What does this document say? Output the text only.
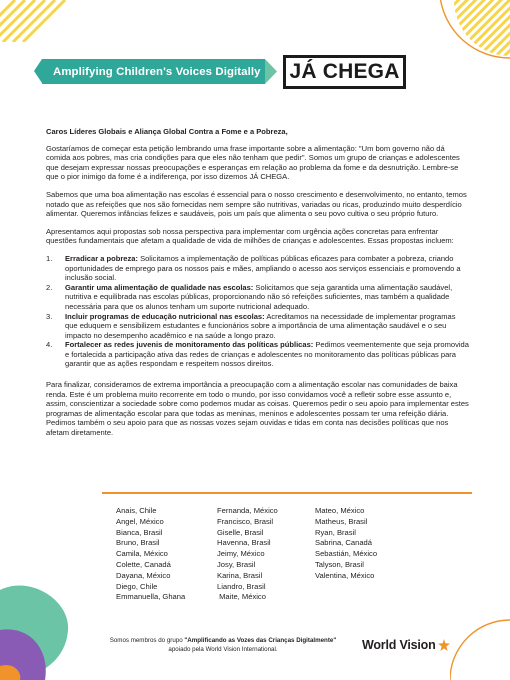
Amplifying Children's Voices Digitally JÁ CHEGA

Caros Líderes Globais e Aliança Global Contra a Fome e a Pobreza,

Gostaríamos de começar esta petição lembrando uma frase importante sobre a alimentação: "Um bom governo não dá comida aos pobres, mas cria condições para que eles não tenham que pedir". Somos um grupo de crianças e adolescentes que desejam expressar nossas preocupações e esperanças em relação ao problema da fome e da desnutrição. Lembre-se que o pior inimigo da fome é a indiferença, por isso dizemos JÁ CHEGA.

Sabemos que uma boa alimentação nas escolas é essencial para o nosso crescimento e desenvolvimento, no entanto, temos notado que as refeições que nos são fornecidas nem sempre são nutritivas, variadas ou ricas, produzindo muito desperdício alimentar. Queremos infâncias felizes e saudáveis, pois um país que alimenta o seu povo cultiva o seu próprio futuro.

Apresentamos aqui propostas sob nossa perspectiva para implementar com urgência ações concretas para enfrentar questões fundamentais que afetam a qualidade de vida de milhões de crianças e adolescentes. Essas propostas incluem:

1.	Erradicar a pobreza: Solicitamos a implementação de políticas públicas eficazes para combater a pobreza, criando oportunidades de emprego para os nossos pais e mães, ampliando o acesso aos serviços essenciais e promovendo a inclusão social.
2.	Garantir uma alimentação de qualidade nas escolas: Solicitamos que seja garantida uma alimentação saudável, nutritiva e equilibrada nas escolas públicas, proporcionando não só refeições suficientes, mas também a qualidade necessária para que os alunos tenham um suporte nutricional adequado.
3.	Incluir programas de educação nutricional nas escolas: Acreditamos na necessidade de implementar programas que eduquem e sensibilizem estudantes e funcionários sobre a importância de uma alimentação saudável e o seu impacto no desempenho acadêmico e na saúde a longo prazo.
4.	Fortalecer as redes juvenis de monitoramento das políticas públicas: Pedimos veementemente que seja promovida e fortalecida a participação ativa das redes de crianças e adolescentes no monitoramento das políticas públicas para garantir que as ações respondam e respeitem nossos direitos.

Para finalizar, consideramos de extrema importância a preocupação com a alimentação escolar nas comunidades de baixa renda. Este é um problema muito recorrente em todo o mundo, por isso convidamos você a refletir sobre esse assunto e, assim, conscientizar a sociedade sobre como podemos mudar as coisas. Queremos pedir o seu apoio para implementar estes programas de alimentação escolar para que todas as meninas, meninos e adolescentes possam ter uma refeição diária. Pedimos também o seu apoio para que as nossas vozes sejam ouvidas e tidas em conta nas decisões políticas que nos afetam diretamente.

Anais, Chile
Angel, México
Bianca, Brasil
Bruno, Brasil
Camila, México
Colette, Canadá
Dayana, México
Diego, Chile
Emmanuella, Ghana
Fernanda, México
Francisco, Brasil
Giselle, Brasil
Havenna, Brasil
Jeimy, México
Josy, Brasil
Karina, Brasil
Liandro, Brasil
Maite, México
Mateo, México
Matheus, Brasil
Ryan, Brasil
Sabrina, Canadá
Sebastián, México
Talyson, Brasil
Valentina, México
Somos membros do grupo "Amplificando as Vozes das Crianças Digitalmente"
apoiado pela World Vision International.	World Vision
